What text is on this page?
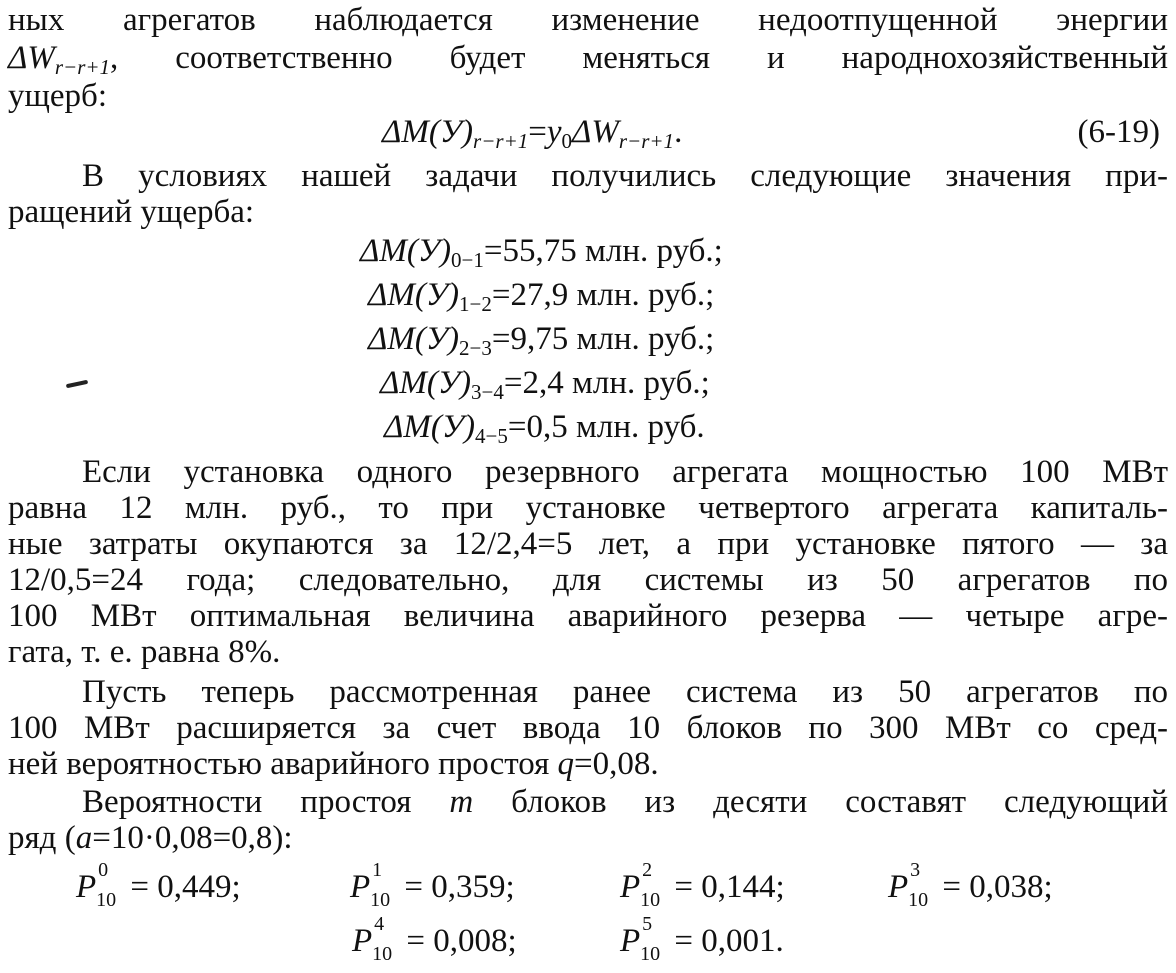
ных агрегатов наблюдается изменение недоотпущенной энергии
ΔWr−r+1, соответственно будет меняться и народнохозяйственный
ущерб:
$\Delta M(У)r-r+1=y_0\Delta Wr-r+1$.	(6-19)
В условиях нашей задачи получились следующие значения при-
ращений ущерба:
$\Delta M(У)_{0-1}=55,75$ млн. руб.;
$\Delta M(У)_{1-2}=27,9$ млн. руб.;
$\Delta M(У)_{2-3}=9,75$ млн. руб.;
$\Delta M(У)_{3-4}=2,4$ млн. руб.;
$\Delta M(У)_{4-5}=0,5$ млн. руб.
Если установка одного резервного агрегата мощностью 100 МВт
равна 12 млн. руб., то при установке четвертого агрегата капиталь-
ные затраты окупаются за 12/2,4=5 лет, а при установке пятого — за
12/0,5=24 года; следовательно, для системы из 50 агрегатов по
100 МВт оптимальная величина аварийного резерва — четыре агре-
гата, т. е. равна 8%.
Пусть теперь рассмотренная ранее система из 50 агрегатов по
100 МВт расширяется за счет ввода 10 блоков по 300 МВт со сред-
ней вероятностью аварийного простоя q=0,08.
Вероятности простоя m блоков из десяти составят следующий
ряд (a=10·0,08=0,8):
P 0
10 = 0,449;	P 1
10 = 0,359;	P 2
10 = 0,144;	P 3
10 = 0,038;
P 4
10 = 0,008;	P 5
10 = 0,001.
